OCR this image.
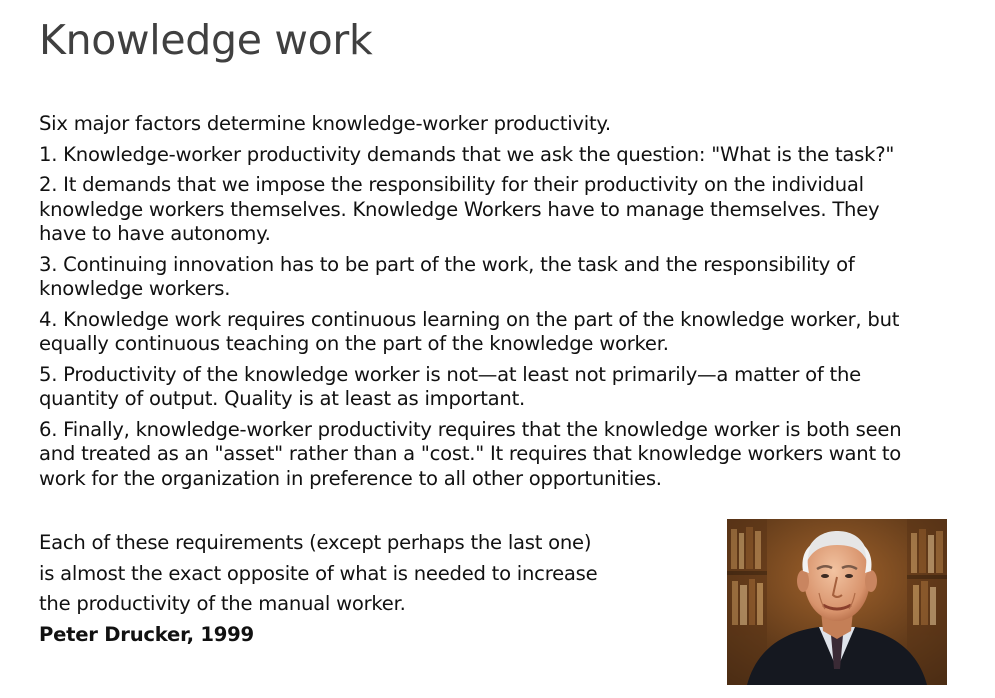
Knowledge work

Six major factors determine knowledge-worker productivity.

1. Knowledge-worker productivity demands that we ask the question: "What is the task?"

2. It demands that we impose the responsibility for their productivity on the individual
knowledge workers themselves. Knowledge Workers have to manage themselves. They
have to have autonomy.

3. Continuing innovation has to be part of the work, the task and the responsibility of
knowledge workers.

4. Knowledge work requires continuous learning on the part of the knowledge worker, but
equally continuous teaching on the part of the knowledge worker.

5. Productivity of the knowledge worker is not—at least not primarily—a matter of the
quantity of output. Quality is at least as important.

6. Finally, knowledge-worker productivity requires that the knowledge worker is both seen
and treated as an "asset" rather than a "cost." It requires that knowledge workers want to
work for the organization in preference to all other opportunities.

Each of these requirements (except perhaps the last one)
is almost the exact opposite of what is needed to increase
the productivity of the manual worker.

Peter Drucker, 1999
